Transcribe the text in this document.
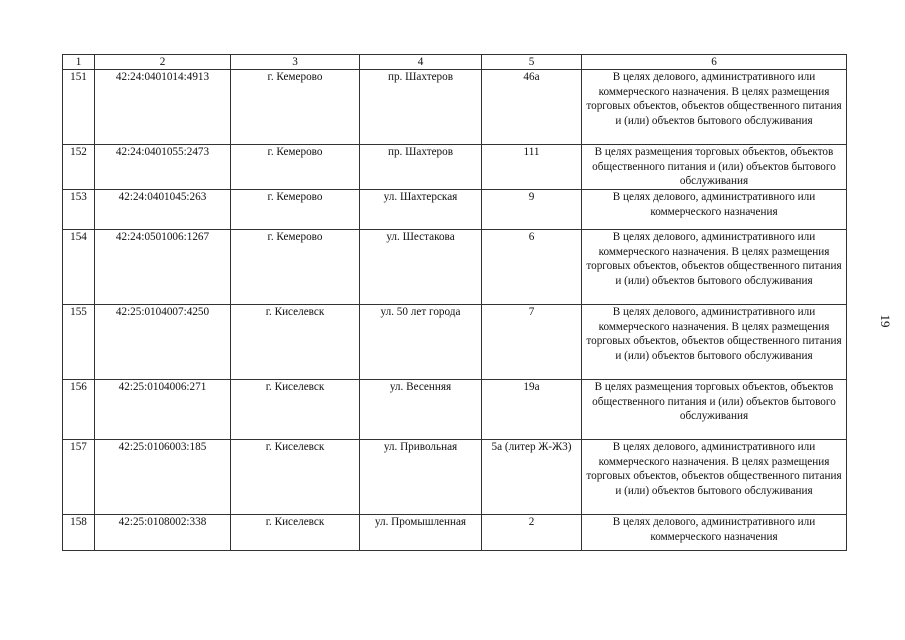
1	2	3	4	5	6
151	42:24:0401014:4913	г. Кемерово	пр. Шахтеров	46а	В целях делового, административного или коммерческого назначения. В целях размещения торговых объектов, объектов общественного питания и (или) объектов бытового обслуживания
152	42:24:0401055:2473	г. Кемерово	пр. Шахтеров	111	В целях размещения торговых объектов, объектов общественного питания и (или) объектов бытового обслуживания
153	42:24:0401045:263	г. Кемерово	ул. Шахтерская	9	В целях делового, административного или коммерческого назначения
154	42:24:0501006:1267	г. Кемерово	ул. Шестакова	6	В целях делового, административного или коммерческого назначения. В целях размещения торговых объектов, объектов общественного питания и (или) объектов бытового обслуживания
155	42:25:0104007:4250	г. Киселевск	ул. 50 лет города	7	В целях делового, административного или коммерческого назначения. В целях размещения торговых объектов, объектов общественного питания и (или) объектов бытового обслуживания
156	42:25:0104006:271	г. Киселевск	ул. Весенняя	19а	В целях размещения торговых объектов, объектов общественного питания и (или) объектов бытового обслуживания
157	42:25:0106003:185	г. Киселевск	ул. Привольная	5а (литер Ж-Ж3)	В целях делового, административного или коммерческого назначения. В целях размещения торговых объектов, объектов общественного питания и (или) объектов бытового обслуживания
158	42:25:0108002:338	г. Киселевск	ул. Промышленная	2	В целях делового, административного или коммерческого назначения
19
